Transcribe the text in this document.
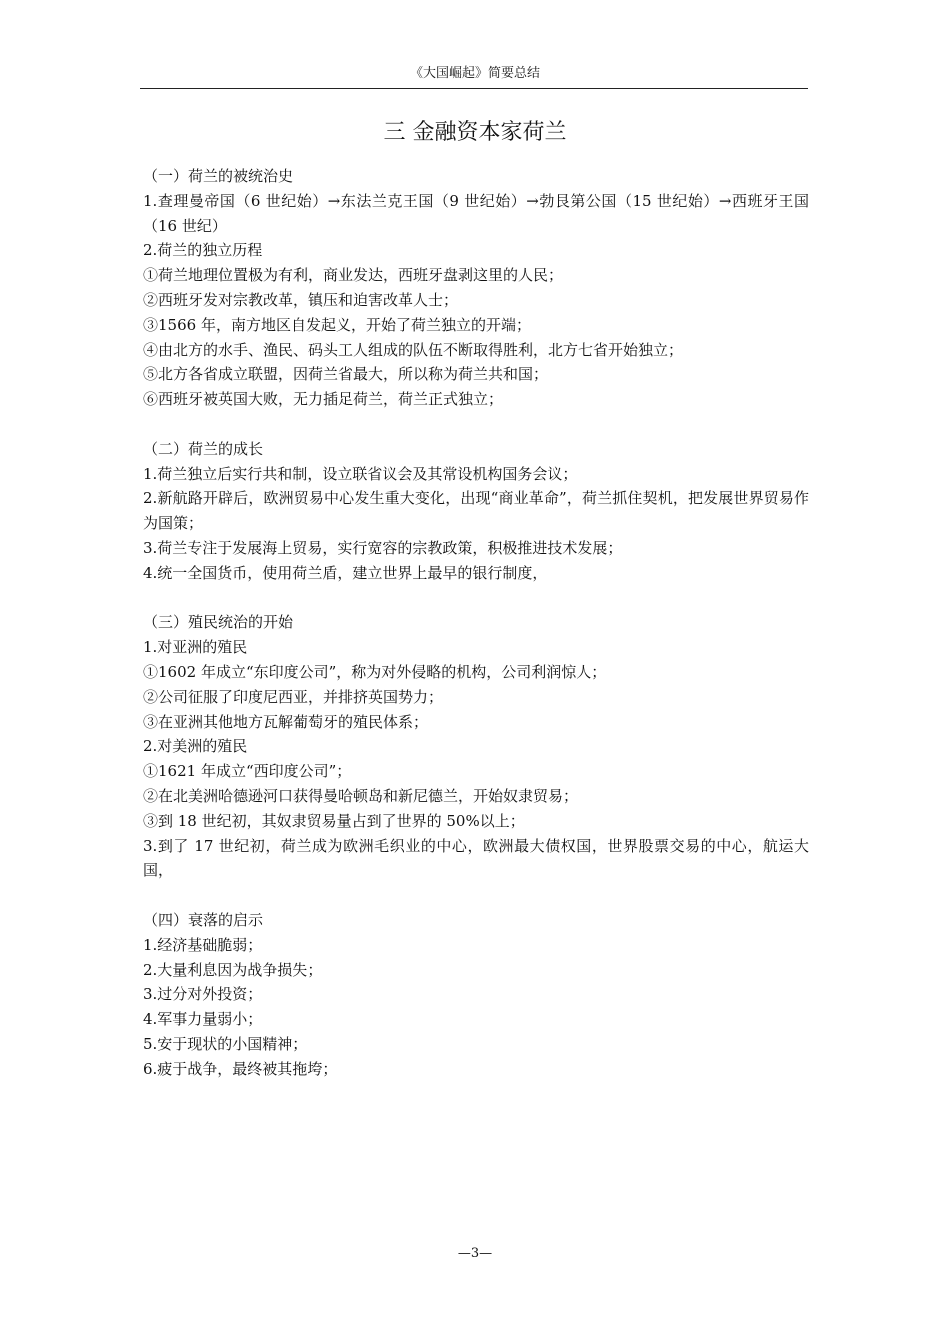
《大国崛起》简要总结
三 金融资本家荷兰

（一）荷兰的被统治史

1.查理曼帝国（6 世纪始）→东法兰克王国（9 世纪始）→勃艮第公国（15 世纪始）→西班牙王国（16 世纪）

2.荷兰的独立历程

①荷兰地理位置极为有利，商业发达，西班牙盘剥这里的人民；

②西班牙发对宗教改革，镇压和迫害改革人士；

③1566 年，南方地区自发起义，开始了荷兰独立的开端；

④由北方的水手、渔民、码头工人组成的队伍不断取得胜利，北方七省开始独立；

⑤北方各省成立联盟，因荷兰省最大，所以称为荷兰共和国；

⑥西班牙被英国大败，无力插足荷兰，荷兰正式独立；

（二）荷兰的成长

1.荷兰独立后实行共和制，设立联省议会及其常设机构国务会议；

2.新航路开辟后，欧洲贸易中心发生重大变化，出现“商业革命”，荷兰抓住契机，把发展世界贸易作为国策；

3.荷兰专注于发展海上贸易，实行宽容的宗教政策，积极推进技术发展；

4.统一全国货币，使用荷兰盾，建立世界上最早的银行制度，

（三）殖民统治的开始

1.对亚洲的殖民

①1602 年成立“东印度公司”，称为对外侵略的机构，公司利润惊人；

②公司征服了印度尼西亚，并排挤英国势力；

③在亚洲其他地方瓦解葡萄牙的殖民体系；

2.对美洲的殖民

①1621 年成立“西印度公司”；

②在北美洲哈德逊河口获得曼哈顿岛和新尼德兰，开始奴隶贸易；

③到 18 世纪初，其奴隶贸易量占到了世界的 50%以上；

3.到了 17 世纪初，荷兰成为欧洲毛织业的中心，欧洲最大债权国，世界股票交易的中心，航运大国，

（四）衰落的启示

1.经济基础脆弱；

2.大量利息因为战争损失；

3.过分对外投资；

4.军事力量弱小；

5.安于现状的小国精神；

6.疲于战争，最终被其拖垮；

—3—
